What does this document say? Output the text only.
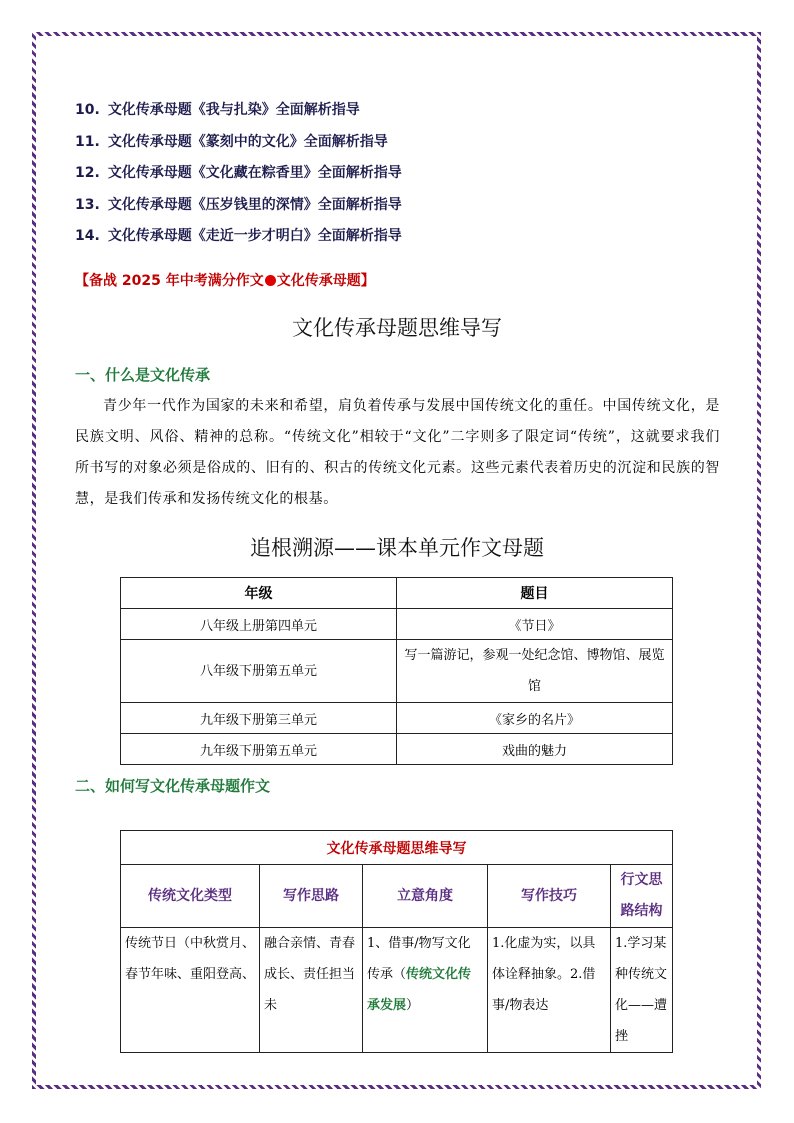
10. 文化传承母题《我与扎染》全面解析指导
11. 文化传承母题《篆刻中的文化》全面解析指导
12. 文化传承母题《文化藏在粽香里》全面解析指导
13. 文化传承母题《压岁钱里的深情》全面解析指导
14. 文化传承母题《走近一步才明白》全面解析指导
【备战 2025 年中考满分作文 文化传承母题】
文化传承母题思维导写
一、什么是文化传承

青少年一代作为国家的未来和希望，肩负着传承与发展中国传统文化的重任。中国传统文化，是民族文明、风俗、精神的总称。“传统文化”相较于“文化”二字则多了限定词“传统”，这就要求我们所书写的对象必须是俗成的、旧有的、积古的传统文化元素。这些元素代表着历史的沉淀和民族的智慧，是我们传承和发扬传统文化的根基。

追根溯源——课本单元作文母题
年级	题目
八年级上册第四单元	《节日》
八年级下册第五单元	写一篇游记，参观一处纪念馆、博物馆、展览馆
九年级下册第三单元	《家乡的名片》
九年级下册第五单元	戏曲的魅力
二、如何写文化传承母题作文
文化传承母题思维导写				
传统文化类型	写作思路	立意角度	写作技巧	行文思路结构
传统节日（中秋赏月、春节年味、重阳登高、	融合亲情、青春成长、责任担当未	1、借事/物写文化传承（传统文化传承发展）	1.化虚为实，以具体诠释抽象。2.借事/物表达	1.学习某种传统文化——遭挫
